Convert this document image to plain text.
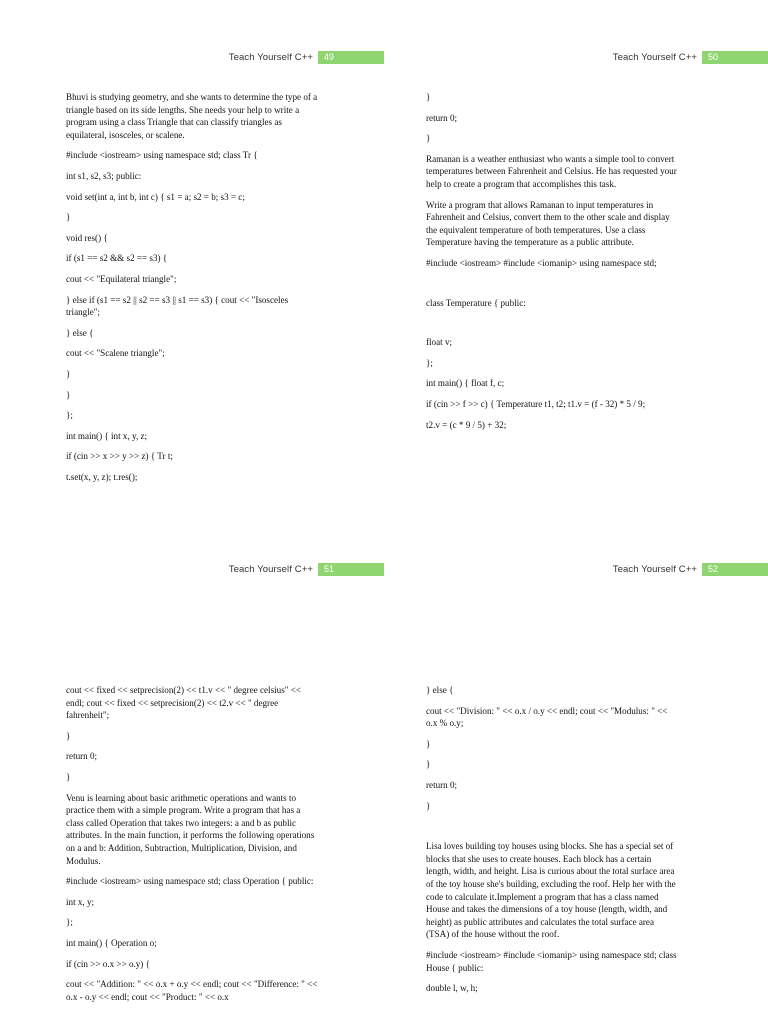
Teach Yourself C++	49

Bhuvi is studying geometry, and she wants to determine the type of a triangle based on its side lengths. She needs your help to write a program using a class Triangle that can classify triangles as equilateral, isosceles, or scalene.

#include <iostream> using namespace std; class Tr {

int s1, s2, s3; public:

void set(int a, int b, int c) { s1 = a; s2 = b; s3 = c;

}

void res() {

if (s1 == s2 && s2 == s3) {

cout << "Equilateral triangle";

} else if (s1 == s2 || s2 == s3 || s1 == s3) { cout << "Isosceles triangle";

} else {

cout << "Scalene triangle";

}

}

};

int main() { int x, y, z;

if (cin >> x >> y >> z) { Tr t;

t.set(x, y, z); t.res();

Teach Yourself C++	50

}

return 0;

}

Ramanan is a weather enthusiast who wants a simple tool to convert temperatures between Fahrenheit and Celsius. He has requested your help to create a program that accomplishes this task.

Write a program that allows Ramanan to input temperatures in Fahrenheit and Celsius, convert them to the other scale and display the equivalent temperature of both temperatures. Use a class Temperature having the temperature as a public attribute.

#include <iostream> #include <iomanip> using namespace std;

class Temperature { public:

float v;

};

int main() { float f, c;

if (cin >> f >> c) { Temperature t1, t2; t1.v = (f - 32) * 5 / 9;

t2.v = (c * 9 / 5) + 32;

Teach Yourself C++	51

cout << fixed << setprecision(2) << t1.v << " degree celsius" << endl; cout << fixed << setprecision(2) << t2.v << " degree fahrenheit";

}

return 0;

}

Venu is learning about basic arithmetic operations and wants to practice them with a simple program. Write a program that has a class called Operation that takes two integers: a and b as public attributes. In the main function, it performs the following operations on a and b: Addition, Subtraction, Multiplication, Division, and Modulus.

#include <iostream> using namespace std; class Operation { public:

int x, y;

};

int main() { Operation o;

if (cin >> o.x >> o.y) {

cout << "Addition: " << o.x + o.y << endl; cout << "Difference: " << o.x - o.y << endl; cout << "Product: " << o.x

Teach Yourself C++	52

} else {

cout << "Division: " << o.x / o.y << endl; cout << "Modulus: " << o.x % o.y;

}

}

return 0;

}

Lisa loves building toy houses using blocks. She has a special set of blocks that she uses to create houses. Each block has a certain length, width, and height. Lisa is curious about the total surface area of the toy house she's building, excluding the roof. Help her with the code to calculate it.Implement a program that has a class named House and takes the dimensions of a toy house (length, width, and height) as public attributes and calculates the total surface area (TSA) of the house without the roof.

#include <iostream> #include <iomanip> using namespace std; class House { public:

double l, w, h;
